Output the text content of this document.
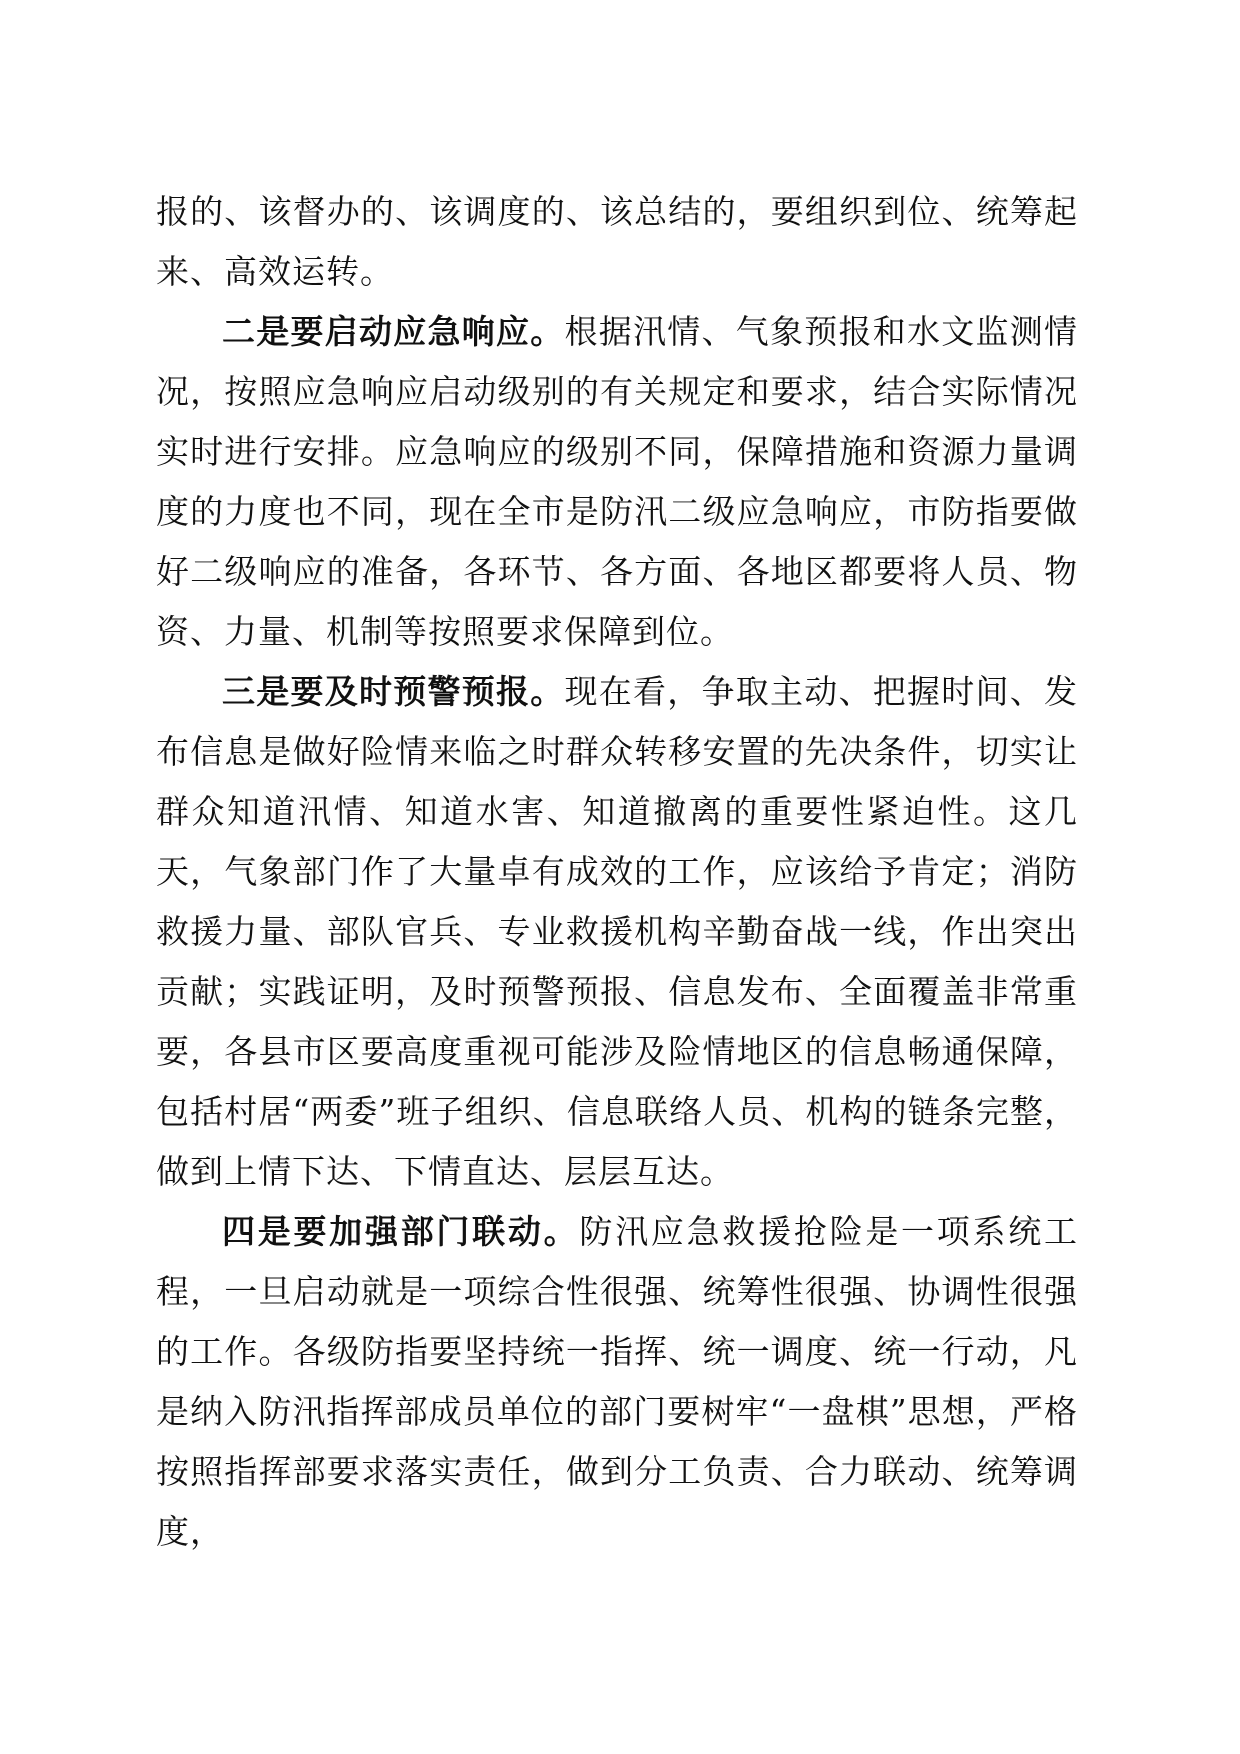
报的、该督办的、该调度的、该总结的，要组织到位、统筹起来、高效运转。

二是要启动应急响应。根据汛情、气象预报和水文监测情况，按照应急响应启动级别的有关规定和要求，结合实际情况实时进行安排。应急响应的级别不同，保障措施和资源力量调度的力度也不同，现在全市是防汛二级应急响应，市防指要做好二级响应的准备，各环节、各方面、各地区都要将人员、物资、力量、机制等按照要求保障到位。

三是要及时预警预报。现在看，争取主动、把握时间、发布信息是做好险情来临之时群众转移安置的先决条件，切实让群众知道汛情、知道水害、知道撤离的重要性紧迫性。这几天，气象部门作了大量卓有成效的工作，应该给予肯定；消防救援力量、部队官兵、专业救援机构辛勤奋战一线，作出突出贡献；实践证明，及时预警预报、信息发布、全面覆盖非常重要，各县市区要高度重视可能涉及险情地区的信息畅通保障，包括村居“两委”班子组织、信息联络人员、机构的链条完整，做到上情下达、下情直达、层层互达。

四是要加强部门联动。防汛应急救援抢险是一项系统工程，一旦启动就是一项综合性很强、统筹性很强、协调性很强的工作。各级防指要坚持统一指挥、统一调度、统一行动，凡是纳入防汛指挥部成员单位的部门要树牢“一盘棋”思想，严格按照指挥部要求落实责任，做到分工负责、合力联动、统筹调度，
